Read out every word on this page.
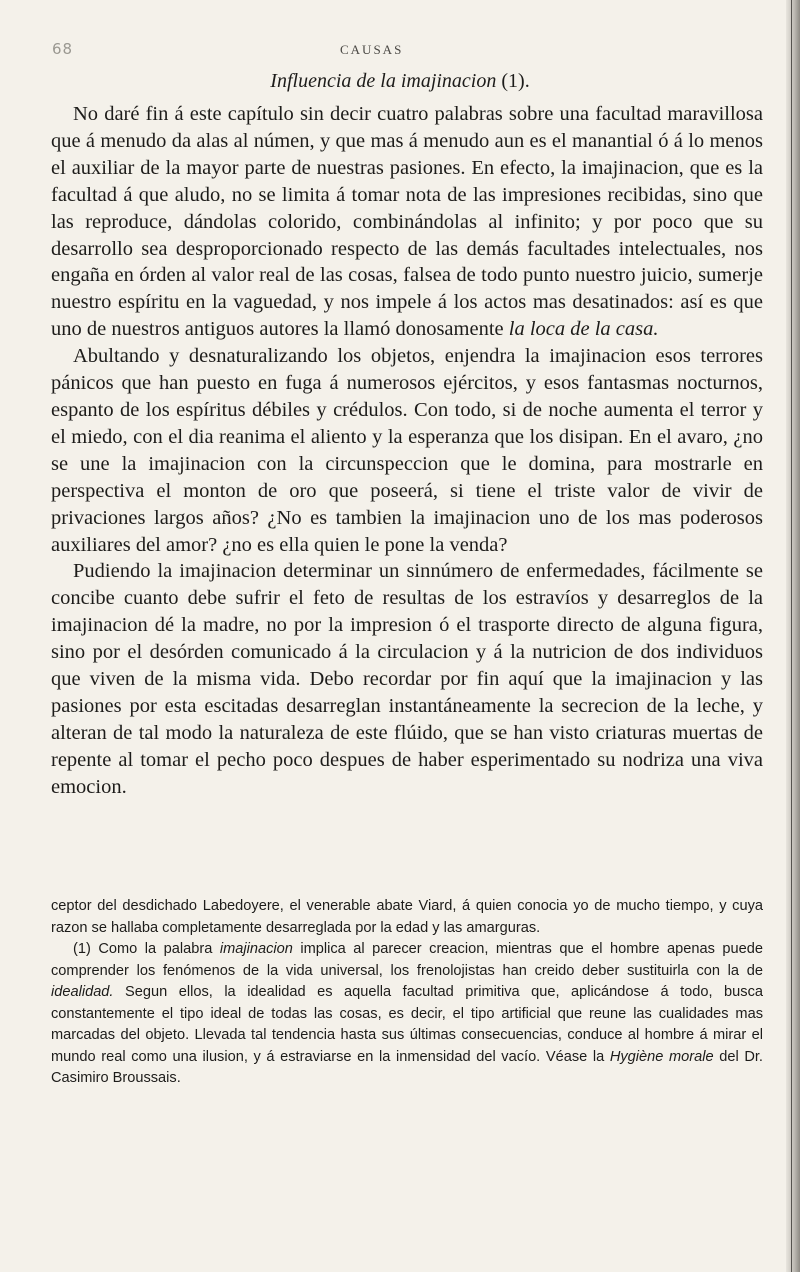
68	CAUSAS
Influencia de la imajinacion (1).

No daré fin á este capítulo sin decir cuatro palabras sobre una facultad maravillosa que á menudo da alas al númen, y que mas á menudo aun es el manantial ó á lo menos el auxiliar de la mayor parte de nuestras pasiones. En efecto, la imajinacion, que es la facultad á que aludo, no se limita á tomar nota de las impresiones recibidas, sino que las reproduce, dándolas colorido, combinándolas al infinito; y por poco que su desarrollo sea desproporcionado respecto de las demás facultades intelectuales, nos engaña en órden al valor real de las cosas, falsea de todo punto nuestro juicio, sumerje nuestro espíritu en la vaguedad, y nos impele á los actos mas desatinados: así es que uno de nuestros antiguos autores la llamó donosamente la loca de la casa.

Abultando y desnaturalizando los objetos, enjendra la imajinacion esos terrores pánicos que han puesto en fuga á numerosos ejércitos, y esos fantasmas nocturnos, espanto de los espíritus débiles y crédulos. Con todo, si de noche aumenta el terror y el miedo, con el dia reanima el aliento y la esperanza que los disipan. En el avaro, ¿no se une la imajinacion con la circunspeccion que le domina, para mostrarle en perspectiva el monton de oro que poseerá, si tiene el triste valor de vivir de privaciones largos años? ¿No es tambien la imajinacion uno de los mas poderosos auxiliares del amor? ¿no es ella quien le pone la venda?

Pudiendo la imajinacion determinar un sinnúmero de enfermedades, fácilmente se concibe cuanto debe sufrir el feto de resultas de los estravíos y desarreglos de la imajinacion dé la madre, no por la impresion ó el trasporte directo de alguna figura, sino por el desórden comunicado á la circulacion y á la nutricion de dos individuos que viven de la misma vida. Debo recordar por fin aquí que la imajinacion y las pasiones por esta escitadas desarreglan instantáneamente la secrecion de la leche, y alteran de tal modo la naturaleza de este flúido, que se han visto criaturas muertas de repente al tomar el pecho poco despues de haber esperimentado su nodriza una viva emocion.

ceptor del desdichado Labedoyere, el venerable abate Viard, á quien conocia yo de mucho tiempo, y cuya razon se hallaba completamente desarreglada por la edad y las amarguras.

(1) Como la palabra imajinacion implica al parecer creacion, mientras que el hombre apenas puede comprender los fenómenos de la vida universal, los frenolojistas han creido deber sustituirla con la de idealidad. Segun ellos, la idealidad es aquella facultad primitiva que, aplicándose á todo, busca constantemente el tipo ideal de todas las cosas, es decir, el tipo artificial que reune las cualidades mas marcadas del objeto. Llevada tal tendencia hasta sus últimas consecuencias, conduce al hombre á mirar el mundo real como una ilusion, y á estraviarse en la inmensidad del vacío. Véase la Hygiène morale del Dr. Casimiro Broussais.
